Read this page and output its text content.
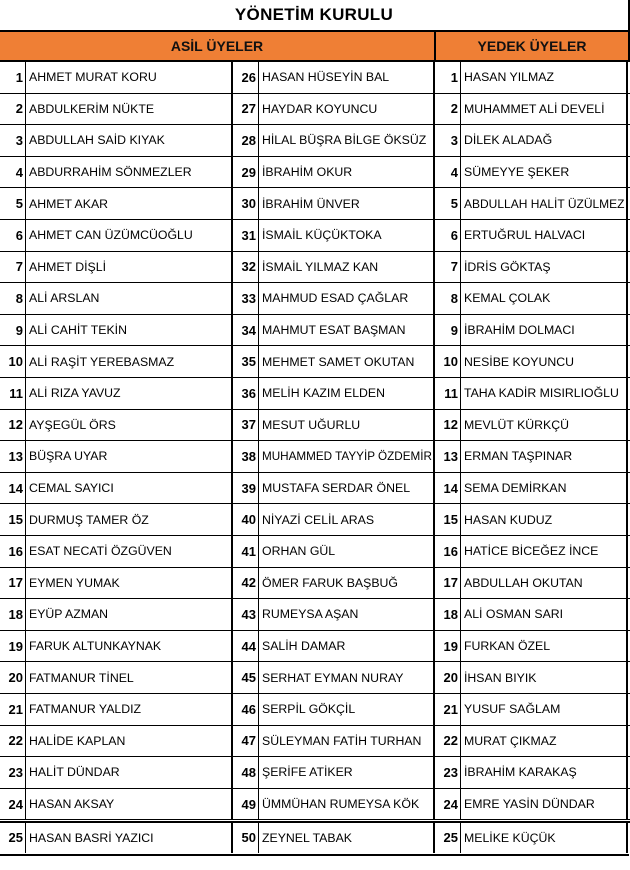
YÖNETİM KURULU
ASİL ÜYELER	YEDEK ÜYELER
1 AHMET MURAT KORU	26 HASAN HÜSEYİN BAL	1 HASAN YILMAZ
2 ABDULKERİM NÜKTE	27 HAYDAR KOYUNCU	2 MUHAMMET ALİ DEVELİ
3 ABDULLAH SAİD KIYAK	28 HİLAL BÜŞRA BİLGE ÖKSÜZ	3 DİLEK ALADAĞ
4 ABDURRAHİM SÖNMEZLER	29 İBRAHİM OKUR	4 SÜMEYYE ŞEKER
5 AHMET AKAR	30 İBRAHİM ÜNVER	5 ABDULLAH HALİT ÜZÜLMEZ
6 AHMET CAN ÜZÜMCÜOĞLU	31 İSMAİL KÜÇÜKTOKA	6 ERTUĞRUL HALVACI
7 AHMET DİŞLİ	32 İSMAİL YILMAZ KAN	7 İDRİS GÖKTAŞ
8 ALİ ARSLAN	33 MAHMUD ESAD ÇAĞLAR	8 KEMAL ÇOLAK
9 ALİ CAHİT TEKİN	34 MAHMUT ESAT BAŞMAN	9 İBRAHİM DOLMACI
10 ALİ RAŞİT YEREBASMAZ	35 MEHMET SAMET OKUTAN	10 NESİBE KOYUNCU
11 ALİ RIZA YAVUZ	36 MELİH KAZIM ELDEN	11 TAHA KADİR MISIRLIOĞLU
12 AYŞEGÜL ÖRS	37 MESUT UĞURLU	12 MEVLÜT KÜRKÇÜ
13 BÜŞRA UYAR	38 MUHAMMED TAYYİP ÖZDEMİR 13 ERMAN TAŞPINAR
14 CEMAL SAYICI	39 MUSTAFA SERDAR ÖNEL	14 SEMA DEMİRKAN
15 DURMUŞ TAMER ÖZ	40 NİYAZİ CELİL ARAS	15 HASAN KUDUZ
16 ESAT NECATİ ÖZGÜVEN	41 ORHAN GÜL	16 HATİCE BİCEĞEZ İNCE
17 EYMEN YUMAK	42 ÖMER FARUK BAŞBUĞ	17 ABDULLAH OKUTAN
18 EYÜP AZMAN	43 RUMEYSA AŞAN	18 ALİ OSMAN SARI
19 FARUK ALTUNKAYNAK	44 SALİH DAMAR	19 FURKAN ÖZEL
20 FATMANUR TİNEL	45 SERHAT EYMAN NURAY	20 İHSAN BIYIK
21 FATMANUR YALDIZ	46 SERPİL GÖKÇİL	21 YUSUF SAĞLAM
22 HALİDE KAPLAN	47 SÜLEYMAN FATİH TURHAN	22 MURAT ÇIKMAZ
23 HALİT DÜNDAR	48 ŞERİFE ATİKER	23 İBRAHİM KARAKAŞ
24 HASAN AKSAY	49 ÜMMÜHAN RUMEYSA KÖK	24 EMRE YASİN DÜNDAR
25 HASAN BASRİ YAZICI	50 ZEYNEL TABAK	25 MELİKE KÜÇÜK
